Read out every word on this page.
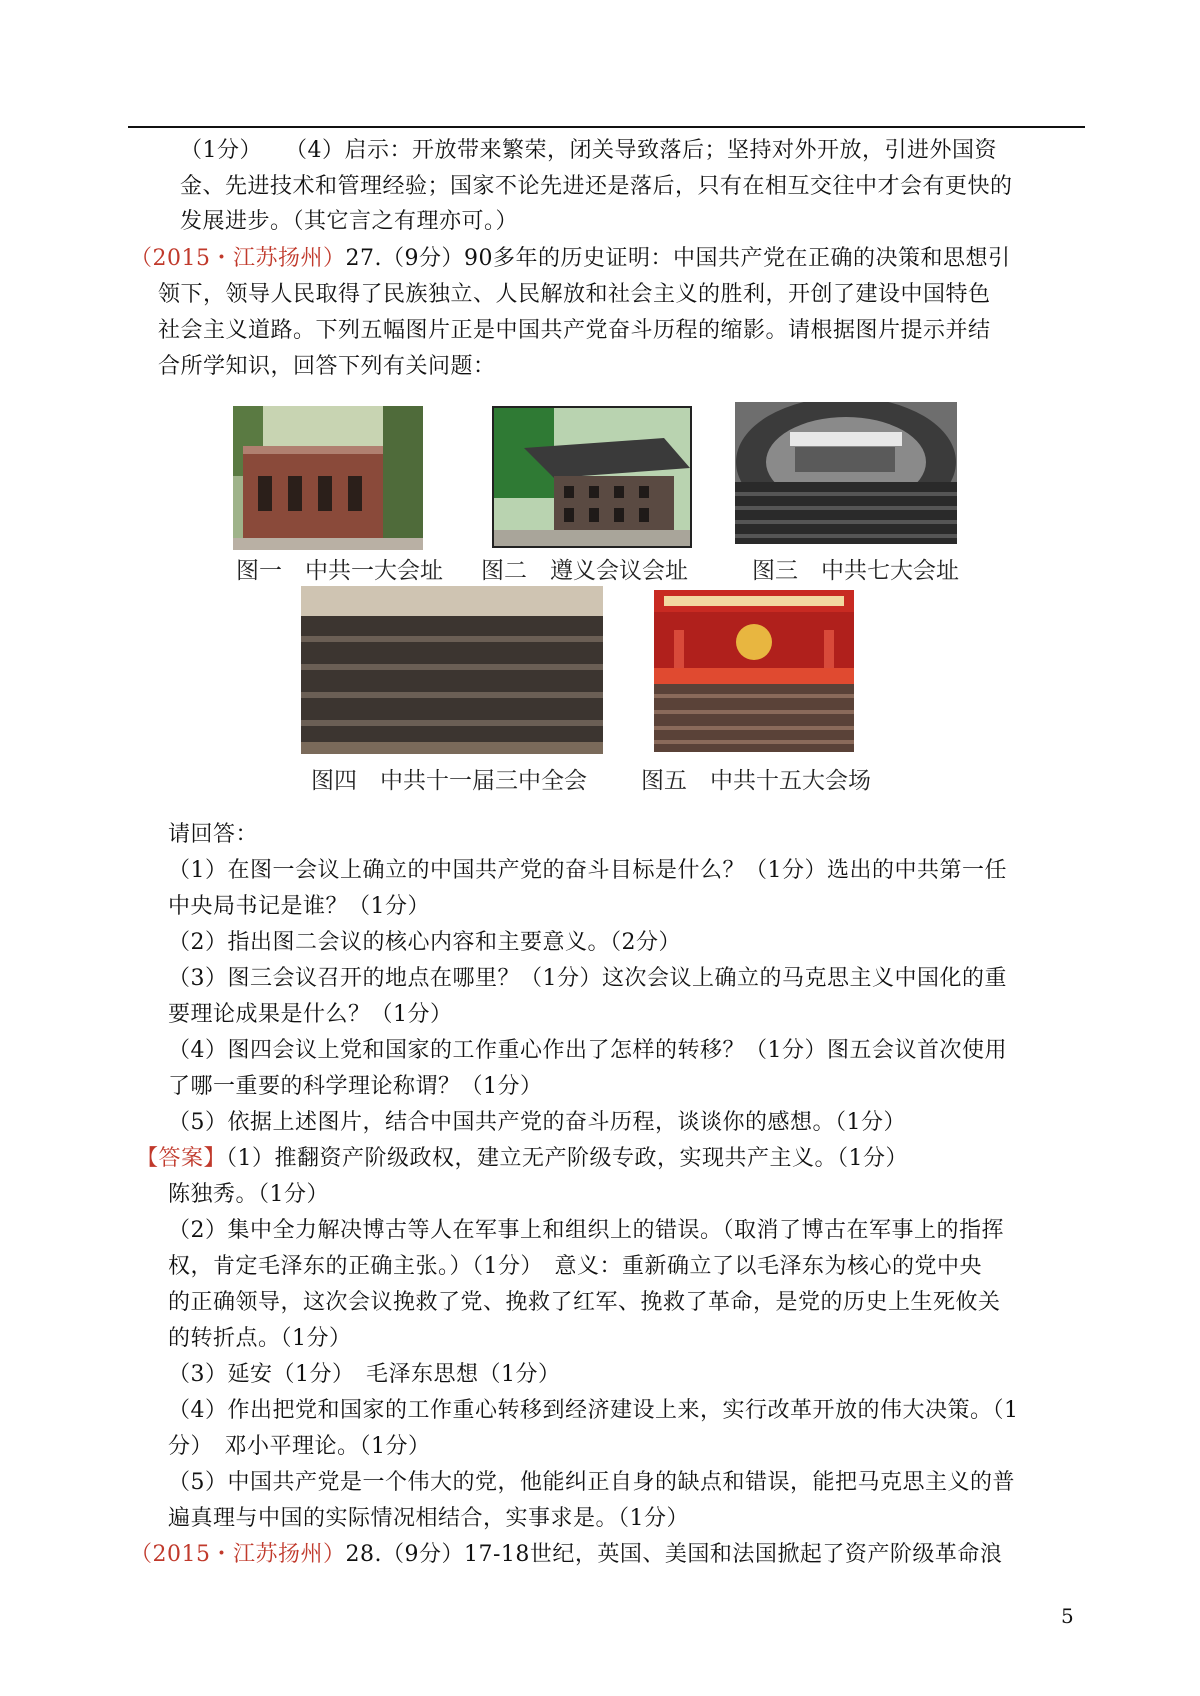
（1分）　　（4）启示：开放带来繁荣，闭关导致落后；坚持对外开放，引进外国资
金、先进技术和管理经验；国家不论先进还是落后，只有在相互交往中才会有更快的
发展进步。（其它言之有理亦可。）
（2015・江苏扬州）27.（9分）90多年的历史证明：中国共产党在正确的决策和思想引
领下，领导人民取得了民族独立、人民解放和社会主义的胜利，开创了建设中国特色
社会主义道路。下列五幅图片正是中国共产党奋斗历程的缩影。请根据图片提示并结
合所学知识，回答下列有关问题：
图一　中共一大会址 图二　遵义会议会址	图三　中共七大会址
图四　中共十一届三中全会 图五　中共十五大会场
请回答：
（1）在图一会议上确立的中国共产党的奋斗目标是什么？（1分）选出的中共第一任
中央局书记是谁？（1分）
（2）指出图二会议的核心内容和主要意义。（2分）
（3）图三会议召开的地点在哪里？（1分）这次会议上确立的马克思主义中国化的重
要理论成果是什么？（1分）
（4）图四会议上党和国家的工作重心作出了怎样的转移？（1分）图五会议首次使用
了哪一重要的科学理论称谓？（1分）
（5）依据上述图片，结合中国共产党的奋斗历程，谈谈你的感想。（1分）
【答案】（1）推翻资产阶级政权，建立无产阶级专政，实现共产主义。（1分）
陈独秀。（1分）
（2）集中全力解决博古等人在军事上和组织上的错误。（取消了博古在军事上的指挥
权，肯定毛泽东的正确主张。）（1分）　意义：重新确立了以毛泽东为核心的党中央
的正确领导，这次会议挽救了党、挽救了红军、挽救了革命，是党的历史上生死攸关
的转折点。（1分）
（3）延安（1分）　毛泽东思想（1分）
（4）作出把党和国家的工作重心转移到经济建设上来，实行改革开放的伟大决策。（1
分）　邓小平理论。（1分）
（5）中国共产党是一个伟大的党，他能纠正自身的缺点和错误，能把马克思主义的普
遍真理与中国的实际情况相结合，实事求是。（1分）
（2015・江苏扬州）28.（9分）17-18世纪，英国、美国和法国掀起了资产阶级革命浪
5
